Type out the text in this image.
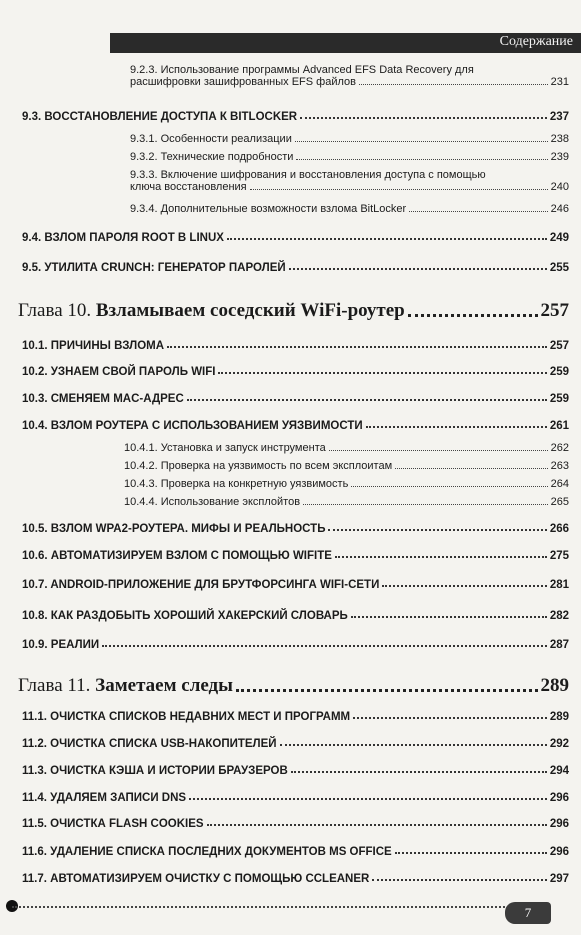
Содержание
9.2.3. Использование программы Advanced EFS Data Recovery для
расшифровки зашифрованных EFS файлов	231
9.3. ВОССТАНОВЛЕНИЕ ДОСТУПА К BITLOCKER	237
9.3.1. Особенности реализации	238
9.3.2. Технические подробности	239
9.3.3. Включение шифрования и восстановления доступа с помощью
ключа восстановления	240
9.3.4. Дополнительные возможности взлома BitLocker	246
9.4. ВЗЛОМ ПАРОЛЯ ROOT В LINUX	249
9.5. УТИЛИТА CRUNCH: ГЕНЕРАТОР ПАРОЛЕЙ	255
Глава 10.
Взламываем соседский WiFi-роутер	257
10.1. ПРИЧИНЫ ВЗЛОМА	257
10.2. УЗНАЕМ СВОЙ ПАРОЛЬ WIFI	259
10.3. СМЕНЯЕМ MAC-АДРЕС	259
10.4. ВЗЛОМ РОУТЕРА С ИСПОЛЬЗОВАНИЕМ УЯЗВИМОСТИ	261
10.4.1. Установка и запуск инструмента	262
10.4.2. Проверка на уязвимость по всем эксплоитам	263
10.4.3. Проверка на конкретную уязвимость	264
10.4.4. Использование эксплойтов	265
10.5. ВЗЛОМ WPA2-РОУТЕРА. МИФЫ И РЕАЛЬНОСТЬ	266
10.6. АВТОМАТИЗИРУЕМ ВЗЛОМ С ПОМОЩЬЮ WIFITE	275
10.7. ANDROID-ПРИЛОЖЕНИЕ ДЛЯ БРУТФОРСИНГА WIFI-СЕТИ	281
10.8. КАК РАЗДОБЫТЬ ХОРОШИЙ ХАКЕРСКИЙ СЛОВАРЬ	282
10.9. РЕАЛИИ	287
Глава 11.
Заметаем следы	289
11.1. ОЧИСТКА СПИСКОВ НЕДАВНИХ МЕСТ И ПРОГРАММ	289
11.2. ОЧИСТКА СПИСКА USB-НАКОПИТЕЛЕЙ	292
11.3. ОЧИСТКА КЭША И ИСТОРИИ БРАУЗЕРОВ	294
11.4. УДАЛЯЕМ ЗАПИСИ DNS	296
11.5. ОЧИСТКА FLASH COOKIES	296
11.6. УДАЛЕНИЕ СПИСКА ПОСЛЕДНИХ ДОКУМЕНТОВ MS OFFICE	296
11.7. АВТОМАТИЗИРУЕМ ОЧИСТКУ С ПОМОЩЬЮ CCLEANER	297
7
